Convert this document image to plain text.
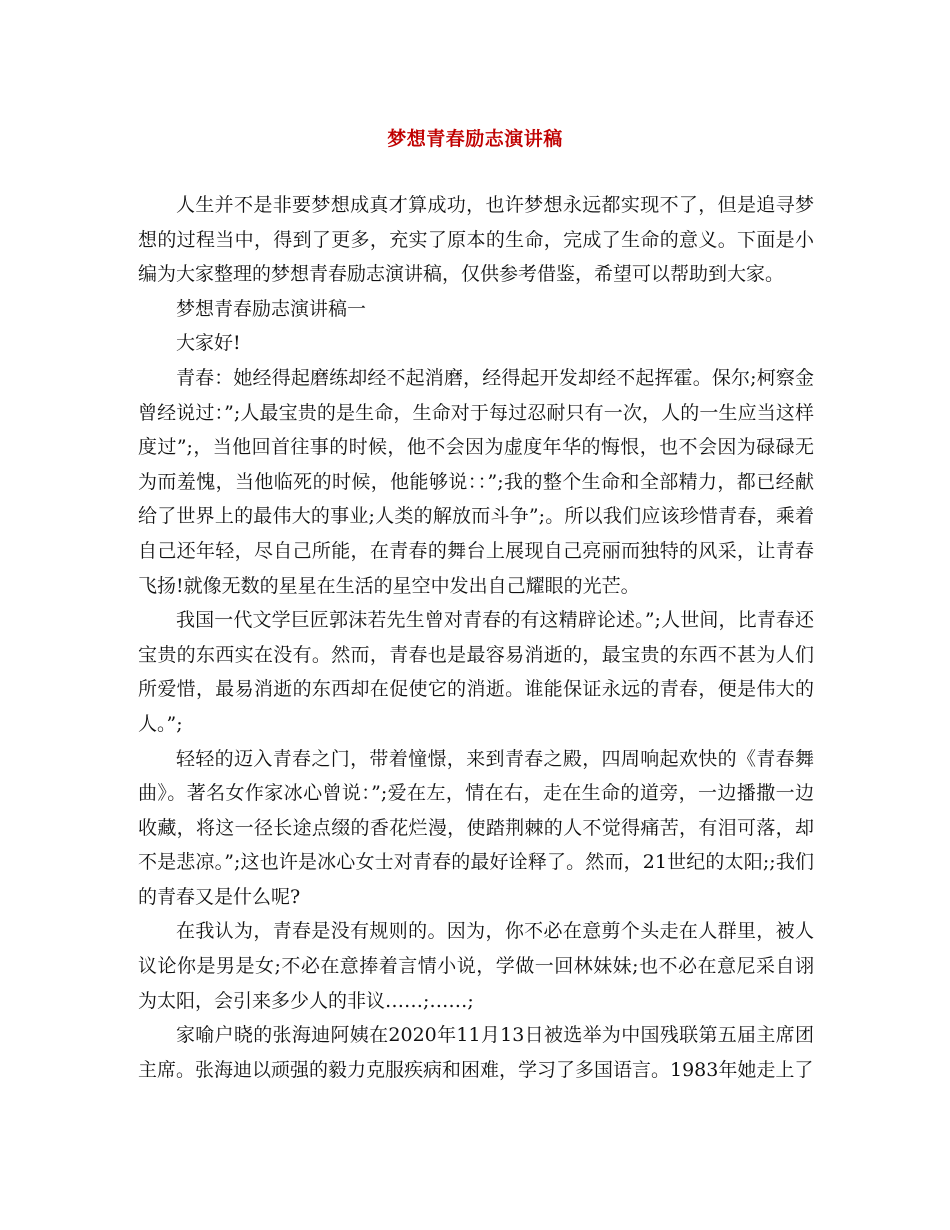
梦想青春励志演讲稿

人生并不是非要梦想成真才算成功，也许梦想永远都实现不了，但是追寻梦想的过程当中，得到了更多，充实了原本的生命，完成了生命的意义。下面是小编为大家整理的梦想青春励志演讲稿，仅供参考借鉴，希望可以帮助到大家。

梦想青春励志演讲稿一

大家好!

青春：她经得起磨练却经不起消磨，经得起开发却经不起挥霍。保尔;柯察金曾经说过：”;人最宝贵的是生命，生命对于每过忍耐只有一次，人的一生应当这样度过”;，当他回首往事的时候，他不会因为虚度年华的悔恨，也不会因为碌碌无为而羞愧，当他临死的时候，他能够说：：”;我的整个生命和全部精力，都已经献给了世界上的最伟大的事业;人类的解放而斗争”;。所以我们应该珍惜青春，乘着自己还年轻，尽自己所能，在青春的舞台上展现自己亮丽而独特的风采，让青春飞扬!就像无数的星星在生活的星空中发出自己耀眼的光芒。

我国一代文学巨匠郭沫若先生曾对青春的有这精辟论述。”;人世间，比青春还宝贵的东西实在没有。然而，青春也是最容易消逝的，最宝贵的东西不甚为人们所爱惜，最易消逝的东西却在促使它的消逝。谁能保证永远的青春，便是伟大的人。”;

轻轻的迈入青春之门，带着憧憬，来到青春之殿，四周响起欢快的《青春舞曲》。著名女作家冰心曾说：”;爱在左，情在右，走在生命的道旁，一边播撒一边收藏，将这一径长途点缀的香花烂漫，使踏荆棘的人不觉得痛苦，有泪可落，却不是悲凉。”;这也许是冰心女士对青春的最好诠释了。然而，21世纪的太阳;;我们的青春又是什么呢?

在我认为，青春是没有规则的。因为，你不必在意剪个头走在人群里，被人议论你是男是女;不必在意捧着言情小说，学做一回林妹妹;也不必在意尼采自诩为太阳，会引来多少人的非议……;……;

家喻户晓的张海迪阿姨在2020年11月13日被选举为中国残联第五届主席团主席。张海迪以顽强的毅力克服疾病和困难，学习了多国语言。1983年她走上了
